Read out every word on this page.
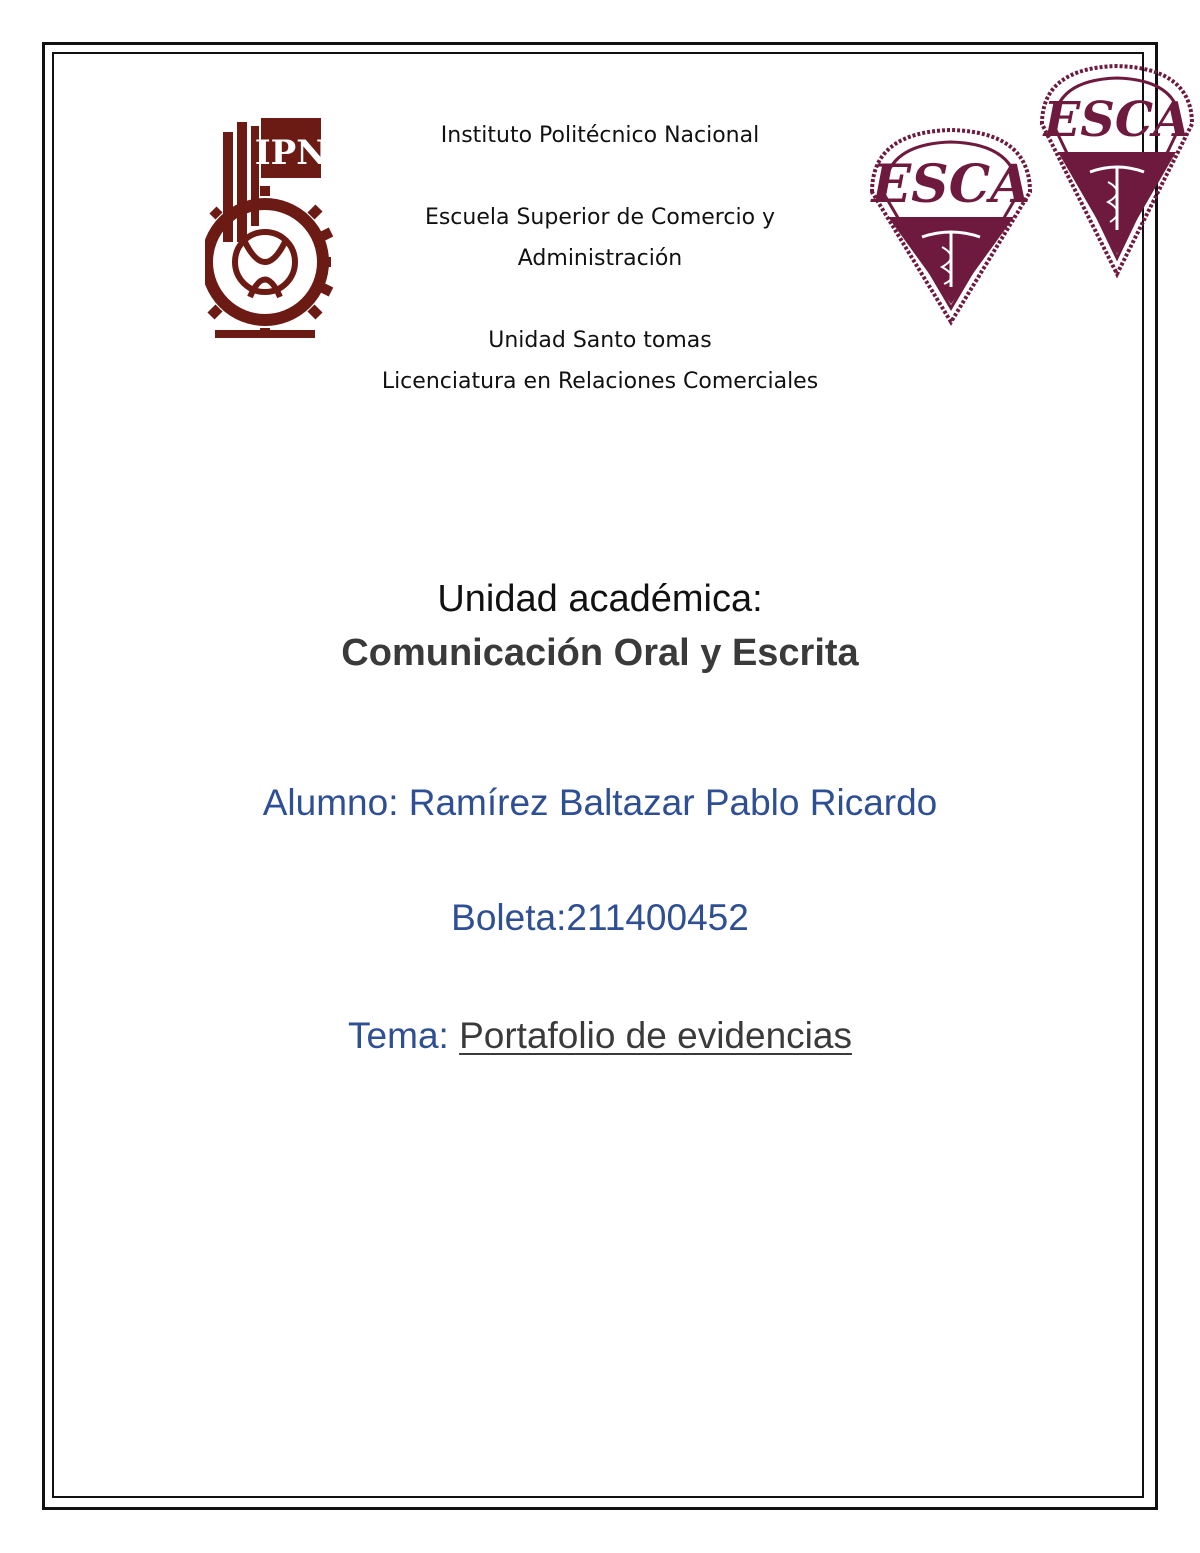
IPN
ESCA
ESCA
Instituto Politécnico Nacional
Escuela Superior de Comercio y
Administración
Unidad Santo tomas
Licenciatura en Relaciones Comerciales
Unidad académica:
Comunicación Oral y Escrita
Alumno: Ramírez Baltazar Pablo Ricardo
Boleta:211400452
Tema: Portafolio de evidencias
